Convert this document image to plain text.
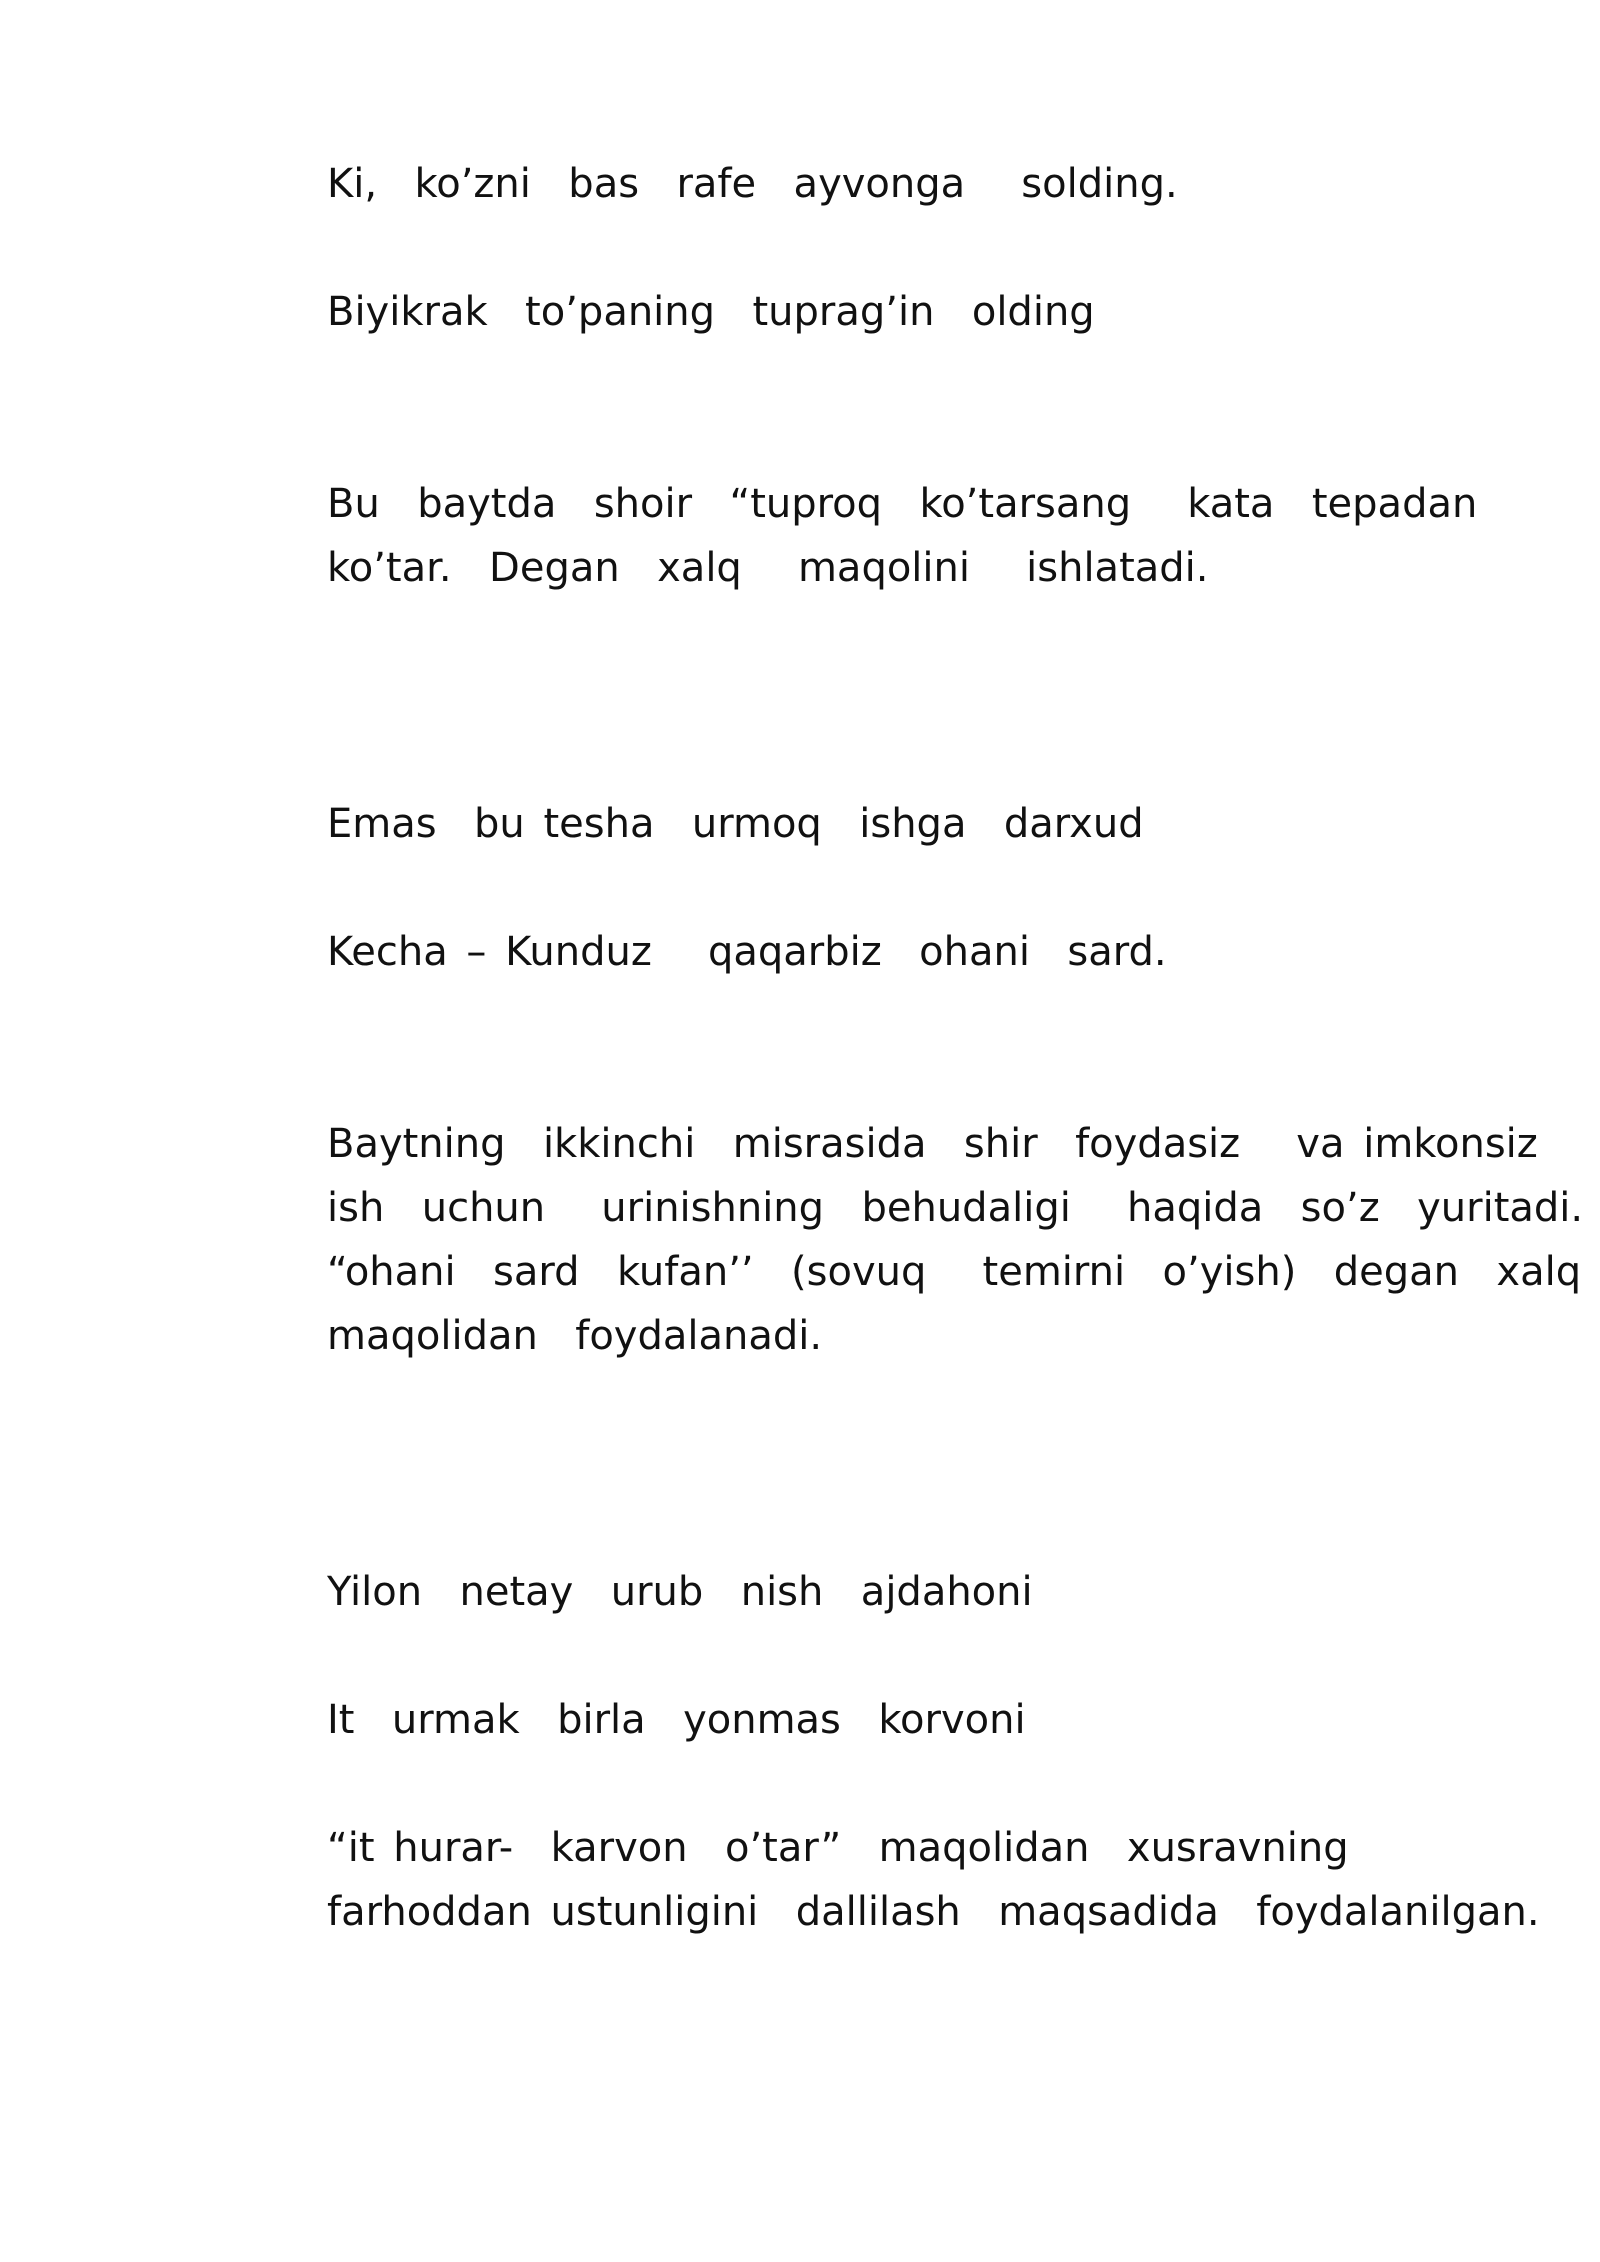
Ki,  ko’zni  bas  rafe  ayvonga   solding.
Biyikrak  to’paning  tuprag’in  olding
Bu  baytda  shoir  “tuproq  ko’tarsang   kata  tepadan
ko’tar.  Degan  xalq   maqolini   ishlatadi.
Emas  bu tesha  urmoq  ishga  darxud
Kecha – Kunduz   qaqarbiz  ohani  sard.
Baytning  ikkinchi  misrasida  shir  foydasiz   va imkonsiz
ish  uchun   urinishning  behudaligi   haqida  so’z  yuritadi.
“ohani  sard  kufan’’  (sovuq   temirni  o’yish)  degan  xalq
maqolidan  foydalanadi.
Yilon  netay  urub  nish  ajdahoni
It  urmak  birla  yonmas  korvoni
“it hurar-  karvon  o’tar”  maqolidan  xusravning
farhoddan ustunligini  dallilash  maqsadida  foydalanilgan.
